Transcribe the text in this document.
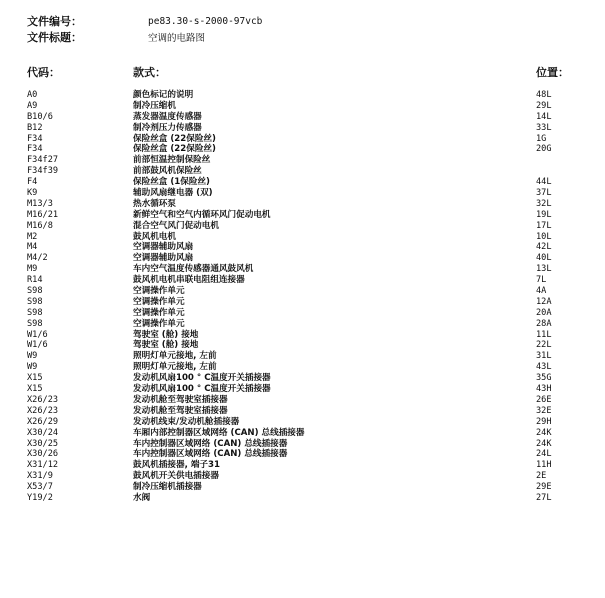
文件编号：	pe83.30-s-2000-97vcb
文件标题：	空调的电路图
代码：	款式：	位置：
A0	颜色标记的说明	48L
A9	制冷压缩机	29L
B10/6	蒸发器温度传感器	14L
B12	制冷剂压力传感器	33L
F34	保险丝盒 (22保险丝)	1G
F34	保险丝盒 (22保险丝)	20G
F34f27	前部恒温控制保险丝
F34f39	前部鼓风机保险丝
F4	保险丝盒 (1保险丝)	44L
K9	辅助风扇继电器 (双)	37L
M13/3	热水循环泵	32L
M16/21	新鲜空气和空气内循环风门促动电机	19L
M16/8	混合空气风门促动电机	17L
M2	鼓风机电机	10L
M4	空调器辅助风扇	42L
M4/2	空调器辅助风扇	40L
M9	车内空气温度传感器通风鼓风机	13L
R14	鼓风机电机串联电阻组连接器	7L
S98	空调操作单元	4A
S98	空调操作单元	12A
S98	空调操作单元	20A
S98	空调操作单元	28A
W1/6	驾驶室 (舱) 接地	11L
W1/6	驾驶室 (舱) 接地	22L
W9	照明灯单元接地, 左前	31L
W9	照明灯单元接地, 左前	43L
X15	发动机风扇100 ° C温度开关插接器	35G
X15	发动机风扇100 ° C温度开关插接器	43H
X26/23	发动机舱至驾驶室插接器	26E
X26/23	发动机舱至驾驶室插接器	32E
X26/29	发动机线束/发动机舱插接器	29H
X30/24	车厢内部控制器区域网络 (CAN) 总线插接器	24K
X30/25	车内控制器区域网络 (CAN) 总线插接器	24K
X30/26	车内控制器区域网络 (CAN) 总线插接器	24L
X31/12	鼓风机插接器, 端子31	11H
X31/9	鼓风机开关供电插接器	2E
X53/7	制冷压缩机插接器	29E
Y19/2	水阀	27L
